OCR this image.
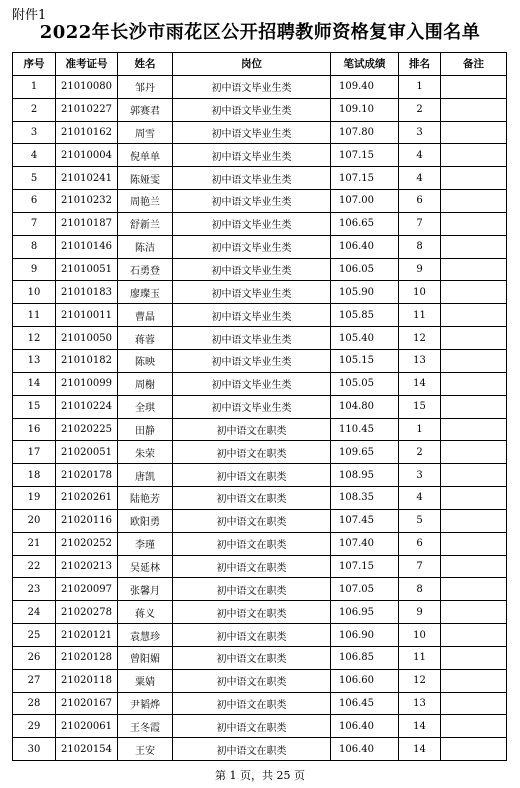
附件1
2022年长沙市雨花区公开招聘教师资格复审入围名单
序号	准考证号	姓名	岗位	笔试成绩	排名	备注
1	21010080	邹丹	初中语文毕业生类	109.40	1	
2	21010227	郭赛君	初中语文毕业生类	109.10	2	
3	21010162	周雪	初中语文毕业生类	107.80	3	
4	21010004	倪单单	初中语文毕业生类	107.15	4	
5	21010241	陈娅雯	初中语文毕业生类	107.15	4	
6	21010232	周艳兰	初中语文毕业生类	107.00	6	
7	21010187	舒新兰	初中语文毕业生类	106.65	7	
8	21010146	陈洁	初中语文毕业生类	106.40	8	
9	21010051	石勇登	初中语文毕业生类	106.05	9	
10	21010183	廖璨玉	初中语文毕业生类	105.90	10	
11	21010011	曹晶	初中语文毕业生类	105.85	11	
12	21010050	蒋蓉	初中语文毕业生类	105.40	12	
13	21010182	陈映	初中语文毕业生类	105.15	13	
14	21010099	周榭	初中语文毕业生类	105.05	14	
15	21010224	全琪	初中语文毕业生类	104.80	15	
16	21020225	田静	初中语文在职类	110.45	1	
17	21020051	朱荣	初中语文在职类	109.65	2	
18	21020178	唐凯	初中语文在职类	108.95	3	
19	21020261	陆艳芳	初中语文在职类	108.35	4	
20	21020116	欧阳勇	初中语文在职类	107.45	5	
21	21020252	李瑾	初中语文在职类	107.40	6	
22	21020213	吴延林	初中语文在职类	107.15	7	
23	21020097	张馨月	初中语文在职类	107.05	8	
24	21020278	蒋义	初中语文在职类	106.95	9	
25	21020121	袁慧珍	初中语文在职类	106.90	10	
26	21020128	曾阳媚	初中语文在职类	106.85	11	
27	21020118	粟婧	初中语文在职类	106.60	12	
28	21020167	尹韬烨	初中语文在职类	106.45	13	
29	21020061	王冬霞	初中语文在职类	106.40	14	
30	21020154	王安	初中语文在职类	106.40	14	
第 1 页，共 25 页
